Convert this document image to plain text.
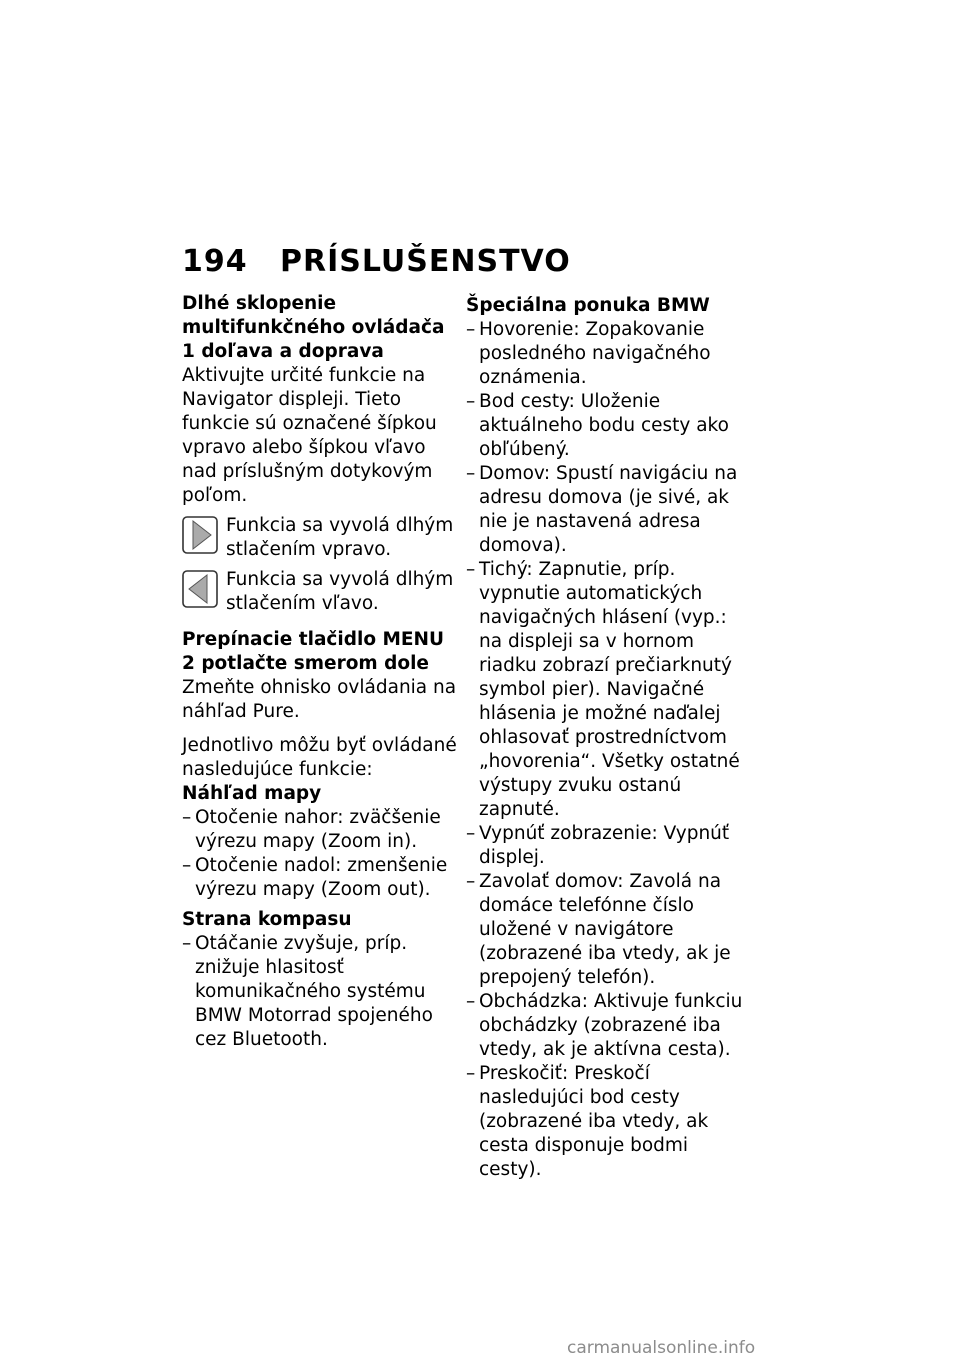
194 PRÍSLUŠENSTVO

Dlhé sklopenie multifunkčného ovládača 1 doľava a doprava

Aktivujte určité funkcie na Navigator displeji. Tieto funkcie sú označené šípkou vpravo alebo šípkou vľavo nad príslušným dotykovým poľom.

Funkcia sa vyvolá dlhým stlačením vpravo.
Funkcia sa vyvolá dlhým stlačením vľavo.

Prepínacie tlačidlo MENU 2 potlačte smerom dole

Zmeňte ohnisko ovládania na náhľad Pure.

Jednotlivo môžu byť ovládané nasledujúce funkcie:

Náhľad mapy

– Otočenie nahor: zväčšenie výrezu mapy (Zoom in).
– Otočenie nadol: zmenšenie výrezu mapy (Zoom out).

Strana kompasu

– Otáčanie zvyšuje, príp. znižuje hlasitosť komunikačného systému BMW Motorrad spojeného cez Bluetooth.

Špeciálna ponuka BMW

– Hovorenie: Zopakovanie posledného navigačného oznámenia.
– Bod cesty: Uloženie aktuálneho bodu cesty ako obľúbený.
– Domov: Spustí navigáciu na adresu domova (je sivé, ak nie je nastavená adresa domova).
– Tichý: Zapnutie, príp. vypnutie automatických navigačných hlásení (vyp.: na displeji sa v hornom riadku zobrazí prečiarknutý symbol pier). Navigačné hlásenia je možné naďalej ohlasovať prostredníctvom „hovorenia“. Všetky ostatné výstupy zvuku ostanú zapnuté.
– Vypnúť zobrazenie: Vypnúť displej.
– Zavolať domov: Zavolá na domáce telefónne číslo uložené v navigátore (zobrazené iba vtedy, ak je prepojený telefón).
– Obchádzka: Aktivuje funkciu obchádzky (zobrazené iba vtedy, ak je aktívna cesta).
– Preskočiť: Preskočí nasledujúci bod cesty (zobrazené iba vtedy, ak cesta disponuje bodmi cesty).
carmanualsonline.info
